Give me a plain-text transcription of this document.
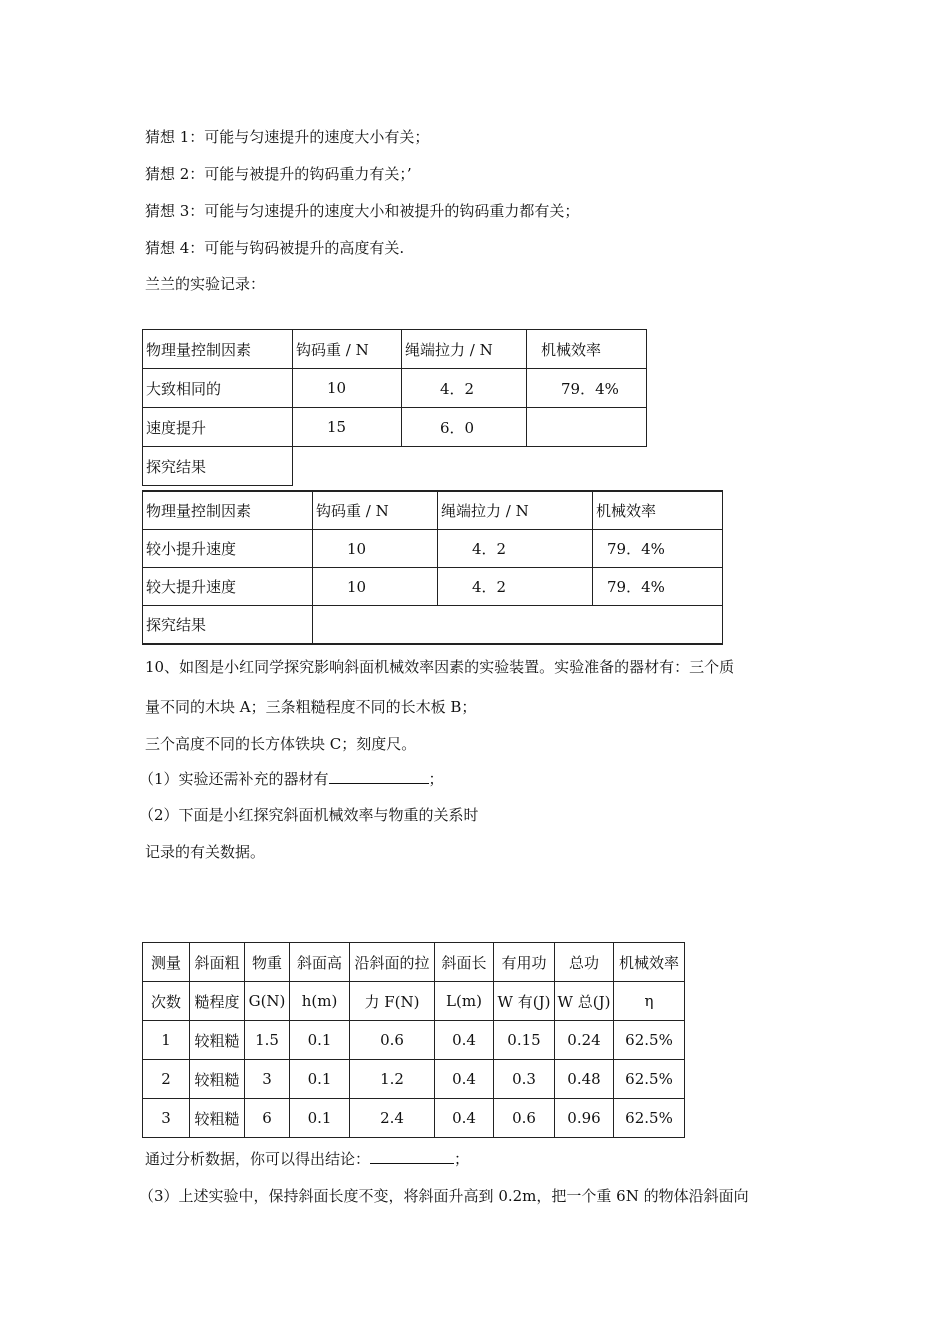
猜想 1：可能与匀速提升的速度大小有关；
猜想 2：可能与被提升的钩码重力有关；’
猜想 3：可能与匀速提升的速度大小和被提升的钩码重力都有关；
猜想 4：可能与钩码被提升的高度有关.
兰兰的实验记录：
物理量控制因素	钩码重 / N	绳端拉力 / N	机械效率
大致相同的	10	4．2	79．4%
速度提升	15	6．0	
探究结果			
物理量控制因素	钩码重 / N	绳端拉力 / N	机械效率
较小提升速度	10	4．2	79．4%
较大提升速度	10	4．2	79．4%
探究结果			
10、如图是小红同学探究影响斜面机械效率因素的实验装置。实验准备的器材有：三个质
量不同的木块 A；三条粗糙程度不同的长木板 B；
三个高度不同的长方体铁块 C；刻度尺。
（1）实验还需补充的器材有	；
（2）下面是小红探究斜面机械效率与物重的关系时
记录的有关数据。
测量	斜面粗	物重	斜面高	沿斜面的拉	斜面长	有用功	总功	机械效率
次数	糙程度	G(N)	h(m)	力 F(N)	L(m)	W 有(J)	W 总(J)	η
1	较粗糙	1.5	0.1	0.6	0.4	0.15	0.24	62.5%
2	较粗糙	3	0.1	1.2	0.4	0.3	0.48	62.5%
3	较粗糙	6	0.1	2.4	0.4	0.6	0.96	62.5%
通过分析数据，你可以得出结论：	；
（3）上述实验中，保持斜面长度不变，将斜面升高到 0.2m，把一个重 6N 的物体沿斜面向
